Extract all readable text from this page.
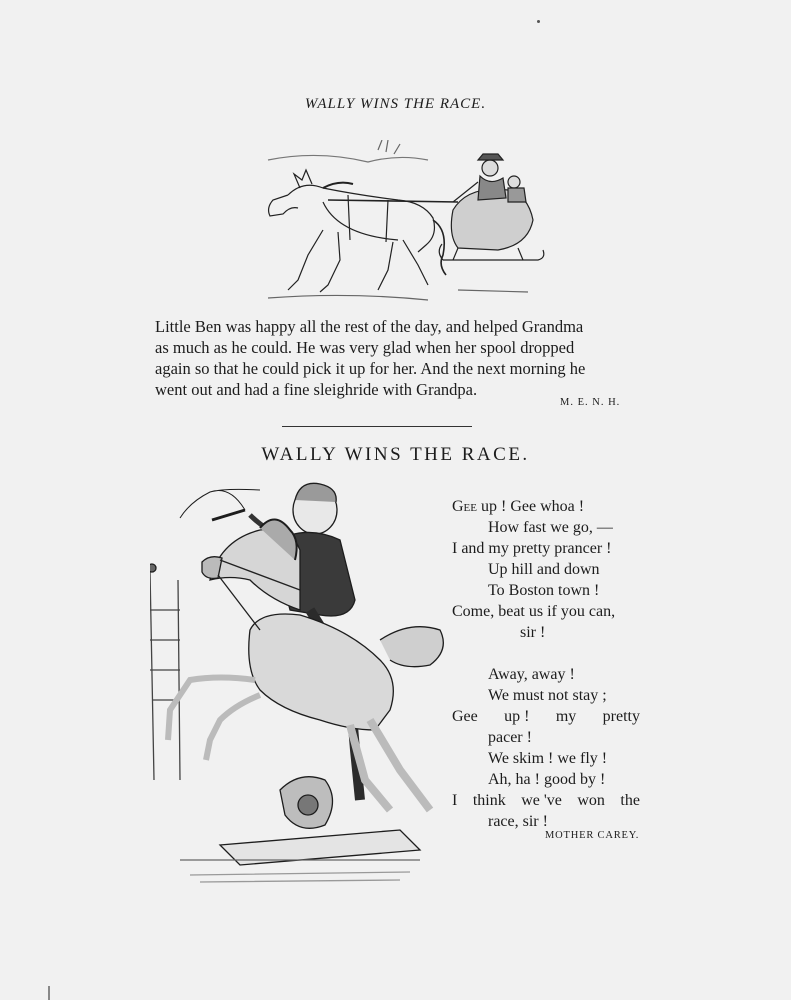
WALLY WINS THE RACE.

Little Ben was happy all the rest of the day, and helped Grandma

as much as he could. He was very glad when her spool dropped

again so that he could pick it up for her. And the next morning he

went out and had a fine sleighride with Grandpa.

M. E. N. H.
WALLY WINS THE RACE.
Gee up ! Gee whoa !
How fast we go, —
I and my pretty prancer !
Up hill and down
To Boston town !
Come, beat us if you can,
sir !
Away, away !
We must not stay ;
Gee up ! my pretty
pacer !
We skim ! we fly !
Ah, ha ! good by !
I think we 've won the
race, sir !
MOTHER CAREY.
